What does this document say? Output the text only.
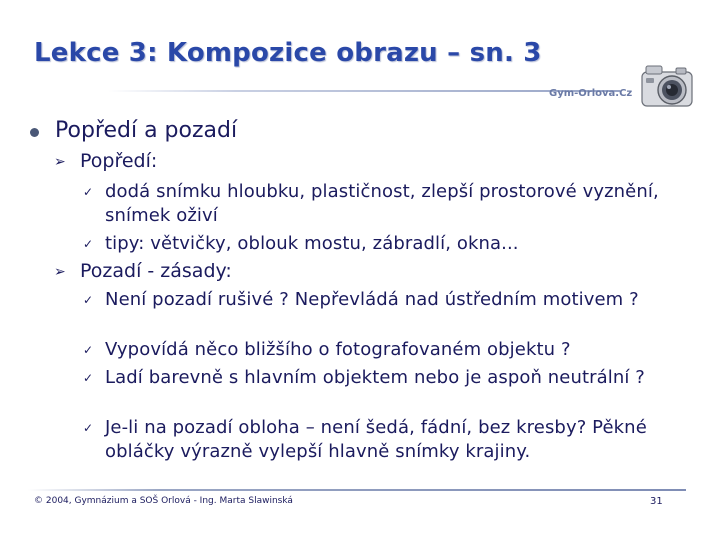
Lekce 3: Kompozice obrazu – sn. 3
Gym-Orlova.Cz
Popředí a pozadí
➢ Popředí:
✓ dodá snímku hloubku, plastičnost, zlepší prostorové vyznění, snímek oživí
✓ tipy: větvičky, oblouk mostu, zábradlí, okna...
➢ Pozadí - zásady:
✓ Není pozadí rušivé ? Nepřevládá nad ústředním motivem ?
✓ Vypovídá něco bližšího o fotografovaném objektu ?
✓ Ladí barevně s hlavním objektem nebo je aspoň neutrální ?
✓ Je-li na pozadí obloha – není šedá, fádní, bez kresby? Pěkné obláčky výrazně vylepší hlavně snímky krajiny.
© 2004, Gymnázium a SOŠ Orlová - Ing. Marta Slawinská	31
